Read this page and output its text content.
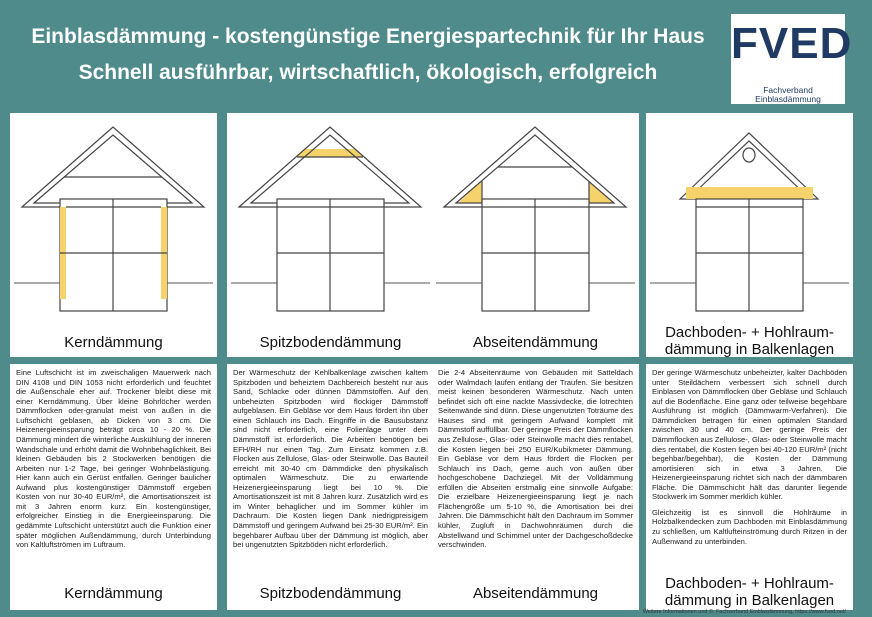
Einblasdämmung - kostengünstige Energiespartechnik für Ihr Haus
Schnell ausführbar, wirtschaftlich, ökologisch, erfolgreich
FVED
Fachverband Einblasdämmung
Kerndämmung

Eine Luftschicht ist im zweischaligen Mauerwerk nach DIN 4108 und DIN 1053 nicht erforderlich und feuchtet die Außenschale eher auf. Trockener bleibt diese mit einer Kerndämmung. Über kleine Bohrlöcher werden Dämmflocken oder-granulat meist von außen in die Luftschicht geblasen, ab Dicken von 3 cm. Die Heizenergieeinsparung beträgt circa 10 - 20 %. Die Dämmung mindert die winterliche Auskühlung der inneren Wandschale und erhöht damit die Wohnbehaglichkeit. Bei kleinen Gebäuden bis 2 Stockwerken benötigen die Arbeiten nur 1-2 Tage, bei geringer Wohnbelästigung. Hier kann auch ein Gerüst entfallen. Geringer baulicher Aufwand plus kostengünstiger Dämmstoff ergeben Kosten von nur 30-40 EUR/m², die Amortisationszeit ist mit 3 Jahren enorm kurz. Ein kostengünstiger, erfolgreicher Einstieg in die Energieeinsparung. Die gedämmte Luftschicht unterstützt auch die Funktion einer später möglichen Außendämmung, durch Unterbindung von Kaltluftströmen im Luftraum.

Kerndämmung
Spitzbodendämmung

Der Wärmeschutz der Kehlbalkenlage zwischen kaltem Spitzboden und beheiztem Dachbereich besteht nur aus Sand, Schlacke oder dünnen Dämmstoffen. Auf den unbeheizten Spitzboden wird flockiger Dämmstoff aufgeblasen. Ein Gebläse vor dem Haus fördert ihn über einen Schlauch ins Dach. Eingriffe in die Bausubstanz sind nicht erforderlich, eine Folienlage unter dem Dämmstoff ist erforderlich. Die Arbeiten benötigen bei EFH/RH nur einen Tag. Zum Einsatz kommen z.B. Flocken aus Zellulose, Glas- oder Steinwolle. Das Bauteil erreicht mit 30-40 cm Dämmdicke den physikalisch optimalen Wärmeschutz. Die zu erwartende Heizenergieeinsparung liegt bei 10 %. Die Amortisationszeit ist mit 8 Jahren kurz. Zusätzlich wird es im Winter behaglicher und im Sommer kühler im Dachraum. Die Kosten liegen Dank niedrigpreisigem Dämmstoff und geringem Aufwand bei 25-30 EUR/m². Ein begehbarer Aufbau über der Dämmung ist möglich, aber bei ungenutzten Spitzböden nicht erforderlich.

Spitzbodendämmung
Abseitendämmung

Die 2-4 Abseitenräume von Gebäuden mit Satteldach oder Walmdach laufen entlang der Traufen. Sie besitzen meist keinen besonderen Wärmeschutz. Nach unten befindet sich oft eine nackte Massivdecke, die lotrechten Seitenwände sind dünn. Diese ungenutzten Toträume des Hauses sind mit geringem Aufwand komplett mit Dämmstoff auffüllbar. Der geringe Preis der Dämmflocken aus Zellulose-, Glas- oder Steinwolle macht dies rentabel, die Kosten liegen bei 250 EUR/Kubikmeter Dämmung. Ein Gebläse vor dem Haus fördert die Flocken per Schlauch ins Dach, gerne auch von außen über hochgeschobene Dachziegel. Mit der Volldämmung erfüllen die Abseiten erstmalig eine sinnvolle Aufgabe: Die erzielbare Heizenergieeinsparung liegt je nach Flächengröße um 5-10 %, die Amortisation bei drei Jahren. Die Dämmschicht hält den Dachraum im Sommer kühler, Zugluft in Dachwohnräumen durch die Abstellwand und Schimmel unter der Dachgeschoßdecke verschwinden.

Abseitendämmung
Dachboden- + Hohlraum-
dämmung in Balkenlagen

Der geringe Wärmeschutz unbeheizter, kalter Dachböden unter Steildächern verbessert sich schnell durch Einblasen von Dämmflocken über Gebläse und Schlauch auf die Bodenfläche. Eine ganz oder teilweise begehbare Ausführung ist möglich (Dämmwarm-Verfahren). Die Dämmdicken betragen für einen optimalen Standard zwischen 30 und 40 cm. Der geringe Preis der Dämmflocken aus Zellulose-, Glas- oder Steinwolle macht dies rentabel, die Kosten liegen bei 40-120 EUR/m² (nicht begehbar/begehbar), die Kosten der Dämmung amortisieren sich in etwa 3 Jahren. Die Heizenergieeinsparung richtet sich nach der dämmbaren Fläche. Die Dämmschicht hält das darunter liegende Stockwerk im Sommer merklich kühler.

Gleichzeitig ist es sinnvoll die Hohlräume in Holzbalkendecken zum Dachboden mit Einblasdämmung zu schließen, um Kaltlufteinströmung durch Ritzen in der Außenwand zu unterbinden.

Dachboden- + Hohlraum-
dämmung in Balkenlagen
Weitere Informationen und ©: Fachverband Einblasdämmung, https://www.fved.net/
